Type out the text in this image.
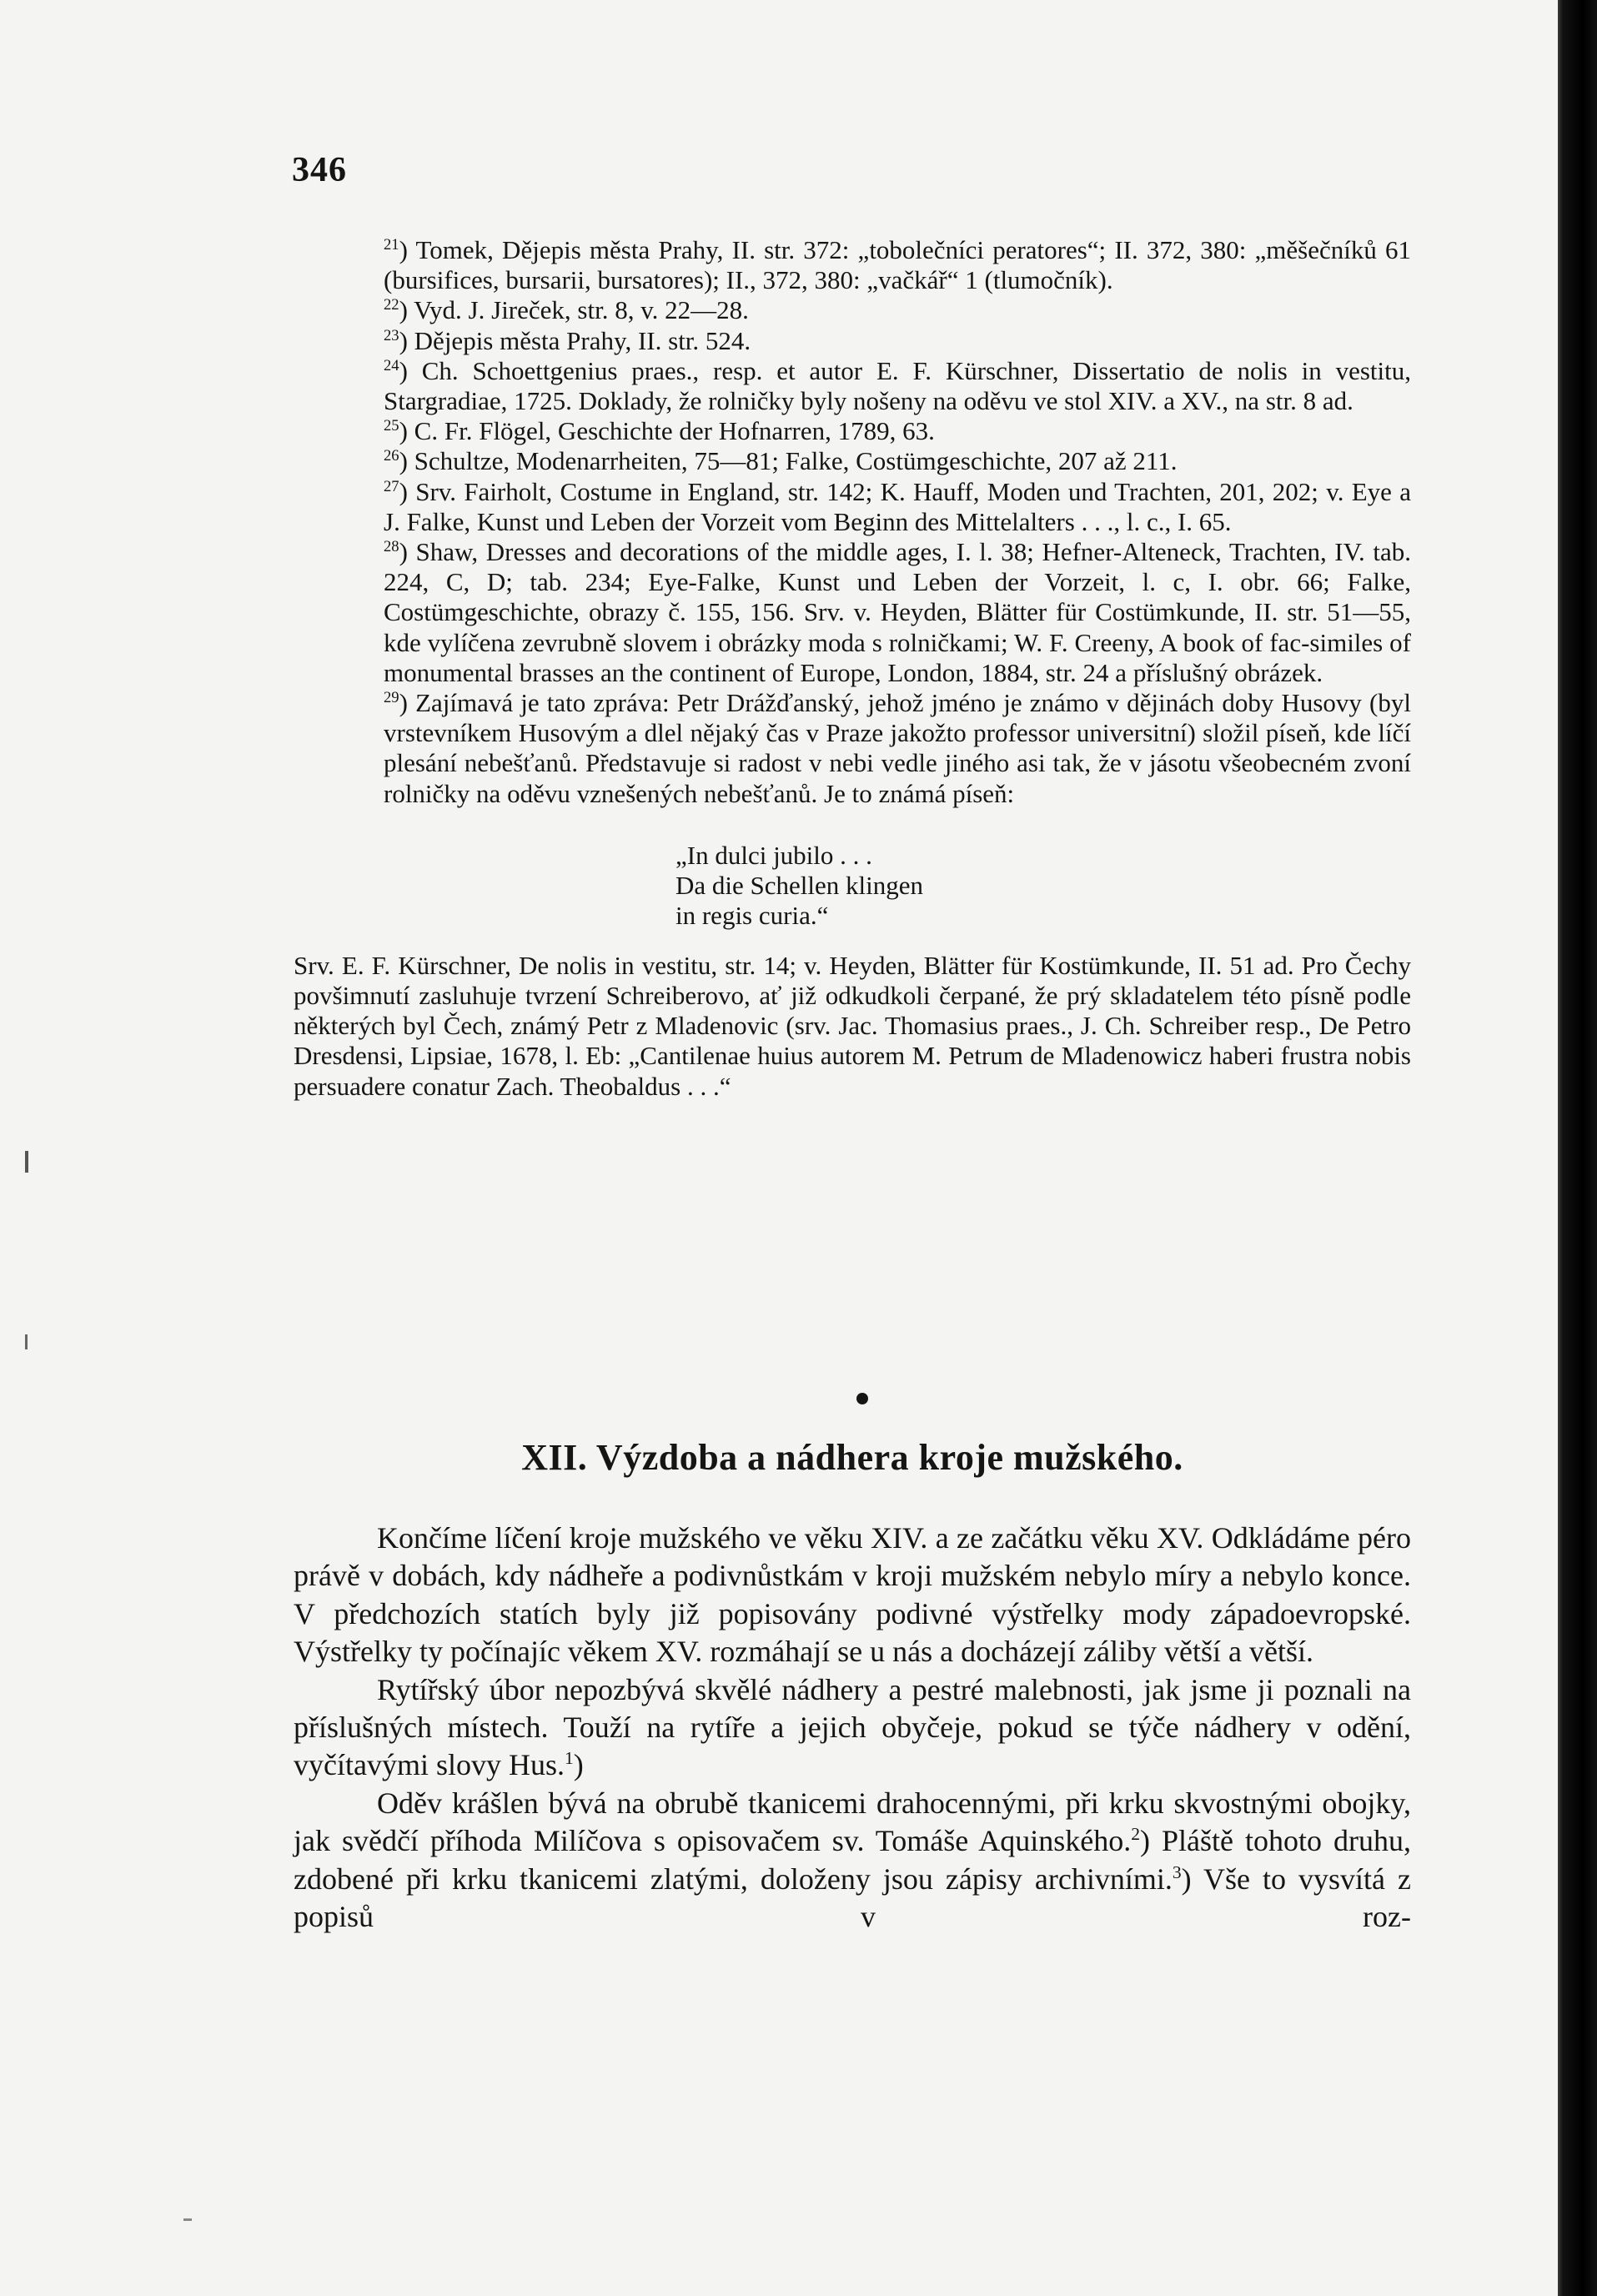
346
$^{21}$) Tomek, Dějepis města Prahy, II. str. 372: „tobolečníci peratores“; II. 372, 380: „měšečníků 61 (bursifices, bursarii, bursatores); II., 372, 380: „vačkář“ 1 (tlumočník).
$^{22}$) Vyd. J. Jireček, str. 8, v. 22—28.
$^{23}$) Dějepis města Prahy, II. str. 524.
$^{24}$) Ch. Schoettgenius praes., resp. et autor E. F. Kürschner, Dissertatio de nolis in vestitu, Stargradiae, 1725. Doklady, že rolničky byly nošeny na oděvu ve stol XIV. a XV., na str. 8 ad.
$^{25}$) C. Fr. Flögel, Geschichte der Hofnarren, 1789, 63.
$^{26}$) Schultze, Modenarrheiten, 75—81; Falke, Costümgeschichte, 207 až 211.
$^{27}$) Srv. Fairholt, Costume in England, str. 142; K. Hauff, Moden und Trachten, 201, 202; v. Eye a J. Falke, Kunst und Leben der Vorzeit vom Beginn des Mittelalters . . ., l. c., I. 65.
$^{28}$) Shaw, Dresses and decorations of the middle ages, I. l. 38; Hefner-Alteneck, Trachten, IV. tab. 224, C, D; tab. 234; Eye-Falke, Kunst und Leben der Vorzeit, l. c, I. obr. 66; Falke, Costümgeschichte, obrazy č. 155, 156. Srv. v. Heyden, Blätter für Costümkunde, II. str. 51—55, kde vylíčena zevrubně slovem i obrázky moda s rolničkami; W. F. Creeny, A book of fac-similes of monumental brasses an the continent of Europe, London, 1884, str. 24 a příslušný obrázek.
$^{29}$) Zajímavá je tato zpráva: Petr Drážďanský, jehož jméno je známo v dějinách doby Husovy (byl vrstevníkem Husovým a dlel nějaký čas v Praze jakožto professor universitní) složil píseň, kde líčí plesání nebešťanů. Představuje si radost v nebi vedle jiného asi tak, že v jásotu všeobecném zvoní rolničky na oděvu vznešených nebešťanů. Je to známá píseň:
„In dulci jubilo . . .
Da die Schellen klingen
in regis curia.“
Srv. E. F. Kürschner, De nolis in vestitu, str. 14; v. Heyden, Blätter für Kostümkunde, II. 51 ad. Pro Čechy povšimnutí zasluhuje tvrzení Schreiberovo, ať již odkudkoli čerpané, že prý skladatelem této písně podle některých byl Čech, známý Petr z Mladenovic (srv. Jac. Thomasius praes., J. Ch. Schreiber resp., De Petro Dresdensi, Lipsiae, 1678, l. Eb: „Cantilenae huius autorem M. Petrum de Mladenowicz haberi frustra nobis persuadere conatur Zach. Theobaldus . . .“
XII. Výzdoba a nádhera kroje mužského.

Končíme líčení kroje mužského ve věku XIV. a ze začátku věku XV. Odkládáme péro právě v dobách, kdy nádheře a podivnůstkám v kroji mužském nebylo míry a nebylo konce. V předchozích statích byly již popisovány podivné výstřelky mody západoevropské. Výstřelky ty počínajíc věkem XV. rozmáhají se u nás a docházejí záliby větší a větší.

Rytířský úbor nepozbývá skvělé nádhery a pestré malebnosti, jak jsme ji poznali na příslušných místech. Touží na rytíře a jejich obyčeje, pokud se týče nádhery v odění, vyčítavými slovy Hus.$^1$)

Oděv krášlen bývá na obrubě tkanicemi drahocennými, při krku skvostnými obojky, jak svědčí příhoda Milíčova s opisovačem sv. Tomáše Aquinského.$^2$) Pláště tohoto druhu, zdobené při krku tkanicemi zlatými, doloženy jsou zápisy archivními.$^3$) Vše to vysvítá z popisů v roz-
